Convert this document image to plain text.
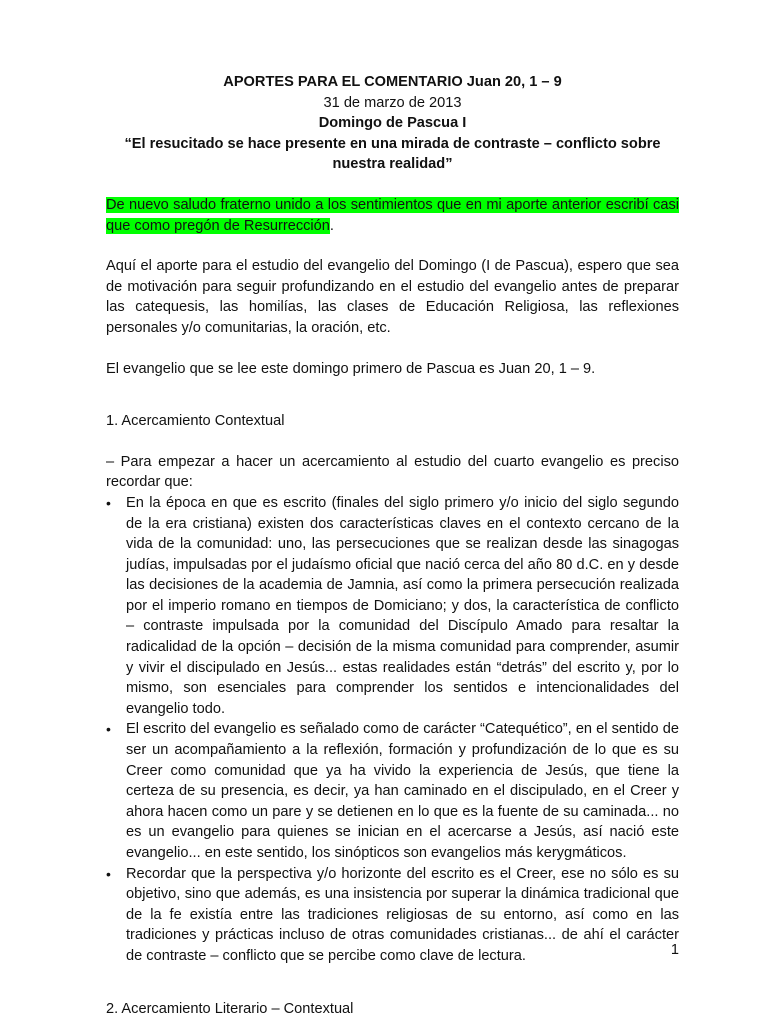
APORTES PARA EL COMENTARIO Juan 20, 1 – 9

31 de marzo de 2013

Domingo de Pascua I

“El resucitado se hace presente en una mirada de contraste – conflicto sobre nuestra realidad”

De nuevo saludo fraterno unido a los sentimientos que en mi aporte anterior escribí casi que como pregón de Resurrección.

Aquí el aporte para el estudio del evangelio del Domingo (I de Pascua), espero que sea de motivación para seguir profundizando en el estudio del evangelio antes de preparar las catequesis, las homilías, las clases de Educación Religiosa, las reflexiones personales y/o comunitarias, la oración, etc.

El evangelio que se lee este domingo primero de Pascua es Juan 20, 1 – 9.

1. Acercamiento Contextual

– Para empezar a hacer un acercamiento al estudio del cuarto evangelio es preciso recordar que:

• En la época en que es escrito (finales del siglo primero y/o inicio del siglo segundo de la era cristiana) existen dos características claves en el contexto cercano de la vida de la comunidad: uno, las persecuciones que se realizan desde las sinagogas judías, impulsadas por el judaísmo oficial que nació cerca del año 80 d.C. en y desde las decisiones de la academia de Jamnia, así como la primera persecución realizada por el imperio romano en tiempos de Domiciano; y dos, la característica de conflicto – contraste impulsada por la comunidad del Discípulo Amado para resaltar la radicalidad de la opción – decisión de la misma comunidad para comprender, asumir y vivir el discipulado en Jesús... estas realidades están “detrás” del escrito y, por lo mismo, son esenciales para comprender los sentidos e intencionalidades del evangelio todo.
• El escrito del evangelio es señalado como de carácter “Catequético”, en el sentido de ser un acompañamiento a la reflexión, formación y profundización de lo que es su Creer como comunidad que ya ha vivido la experiencia de Jesús, que tiene la certeza de su presencia, es decir, ya han caminado en el discipulado, en el Creer y ahora hacen como un pare y se detienen en lo que es la fuente de su caminada... no es un evangelio para quienes se inician en el acercarse a Jesús, así nació este evangelio... en este sentido, los sinópticos son evangelios más kerygmáticos.
• Recordar que la perspectiva y/o horizonte del escrito es el Creer, ese no sólo es su objetivo, sino que además, es una insistencia por superar la dinámica tradicional que de la fe existía entre las tradiciones religiosas de su entorno, así como en las tradiciones y prácticas incluso de otras comunidades cristianas... de ahí el carácter de contraste – conflicto que se percibe como clave de lectura.

2. Acercamiento Literario – Contextual

1
